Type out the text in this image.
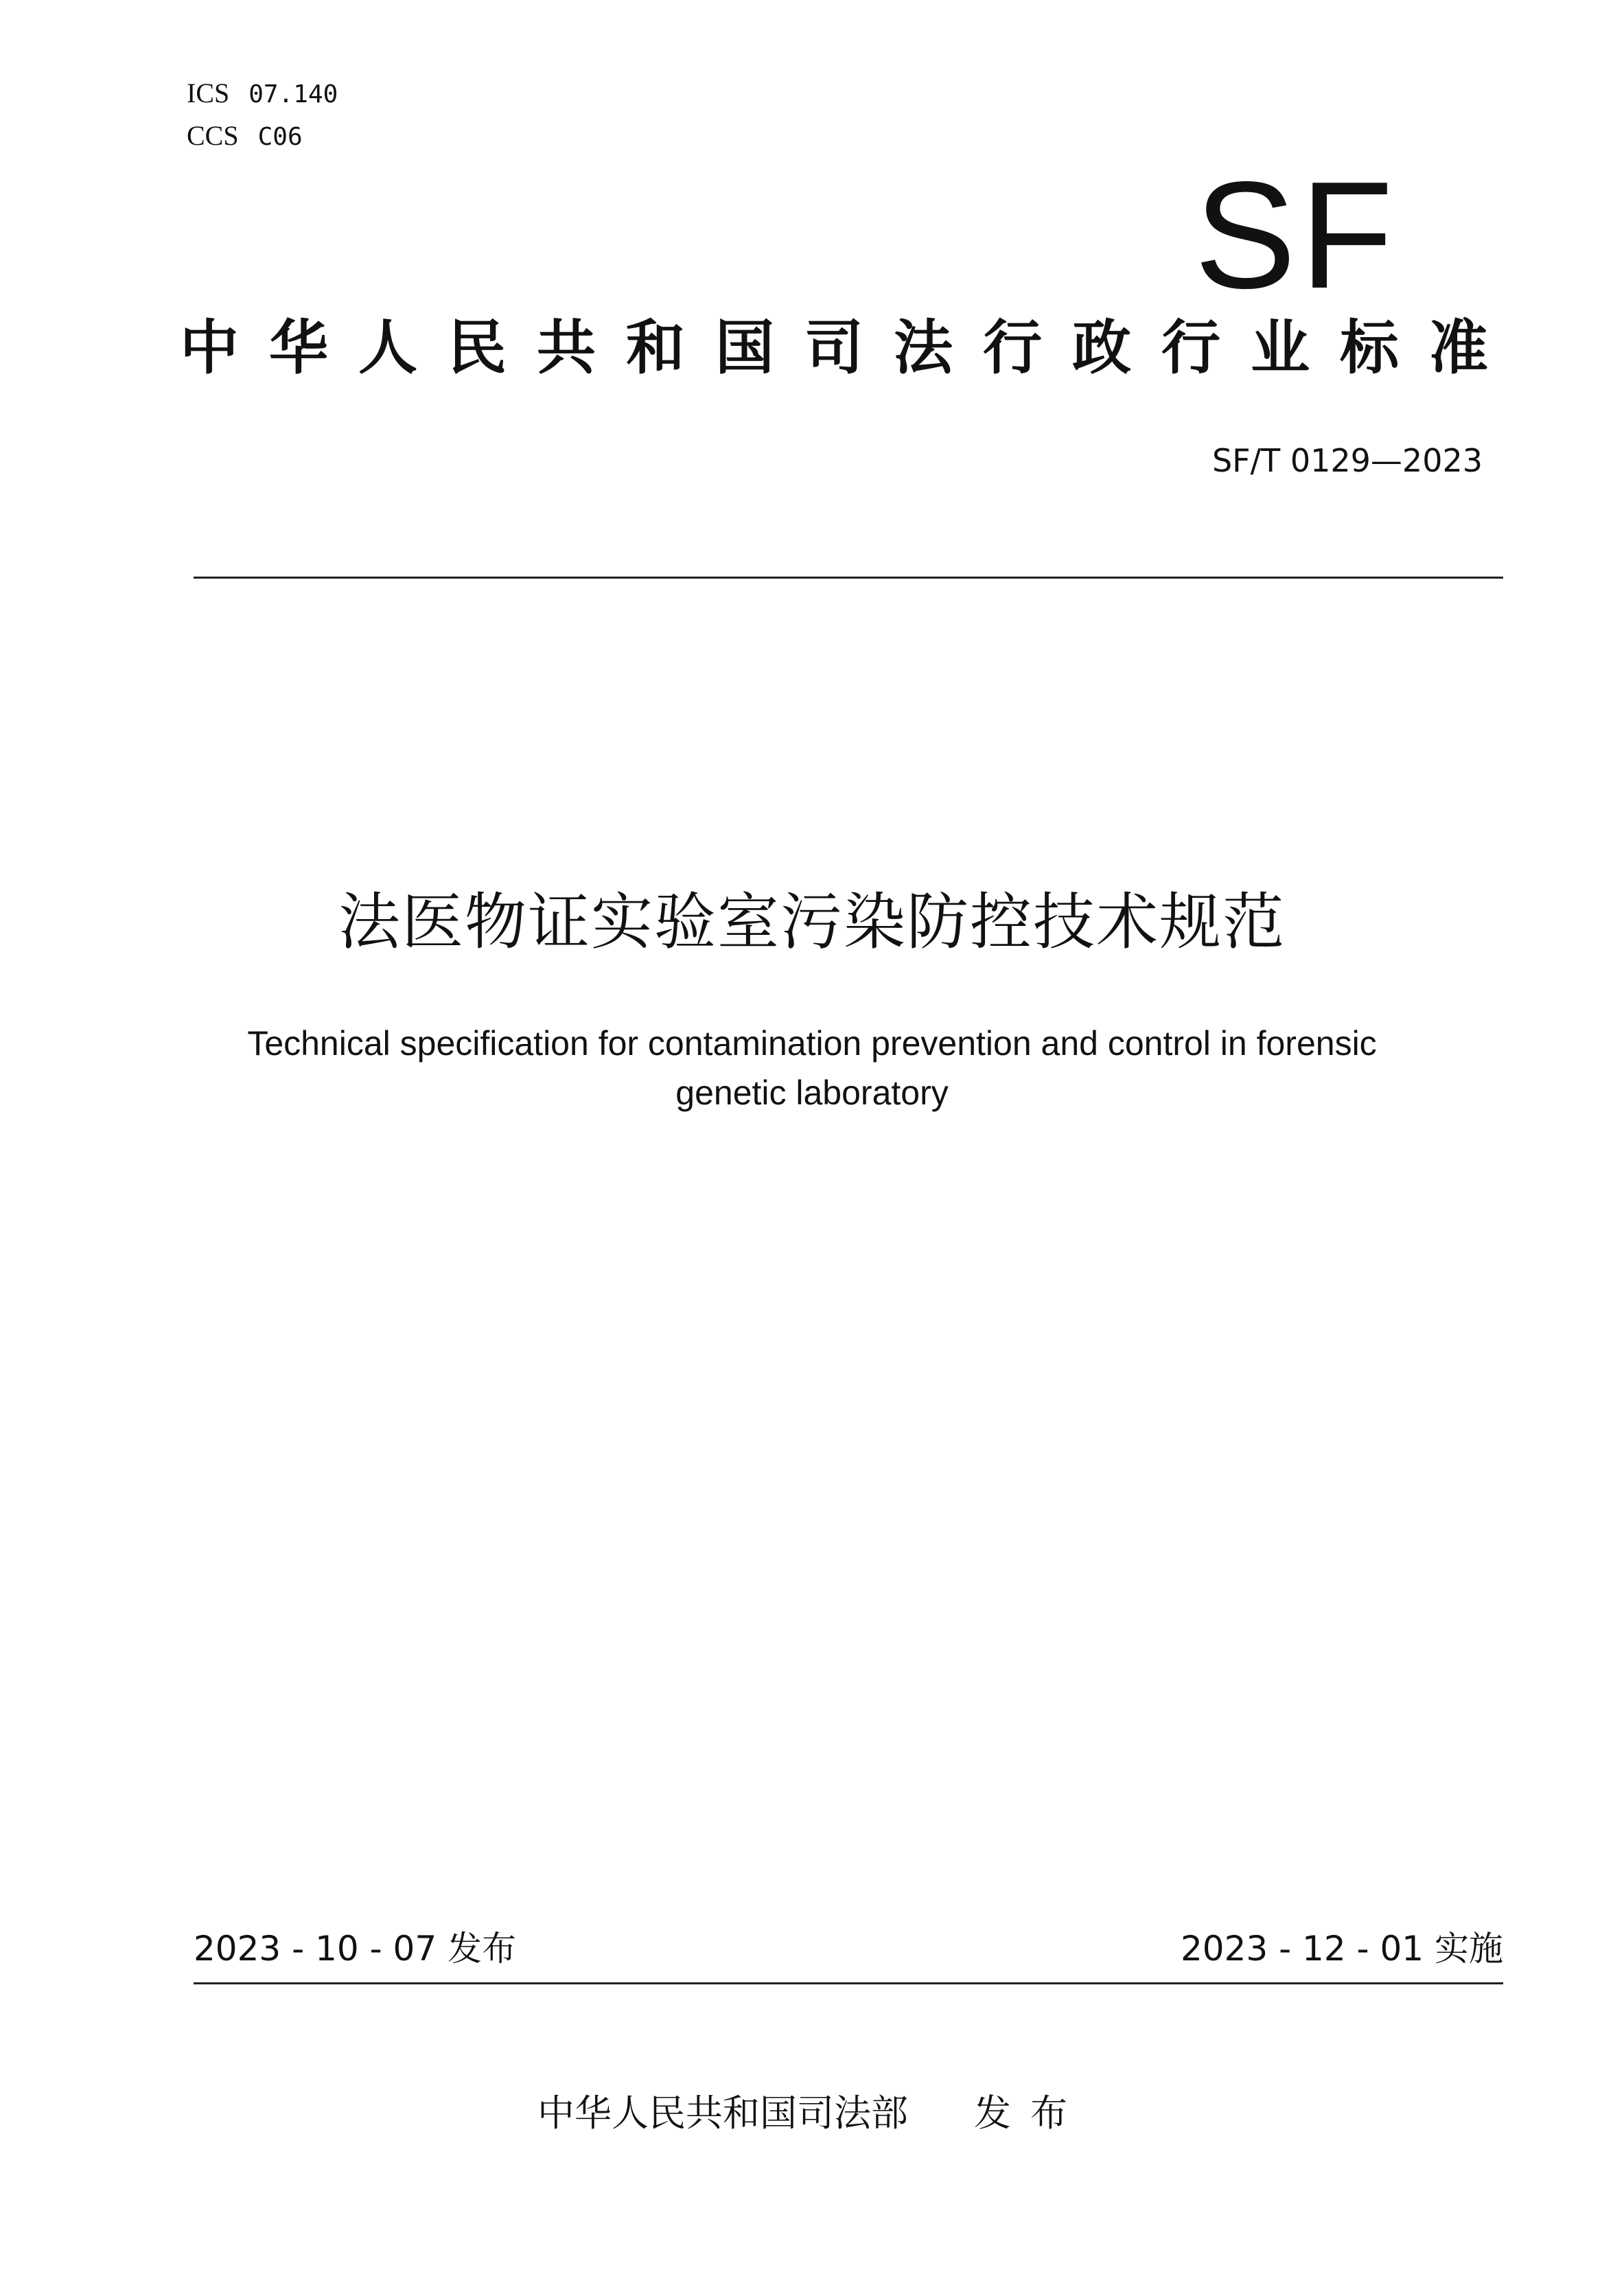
ICS 07.140
CCS C06
SF
中华人民共和国司法行政行业标准
SF/T 0129—2023
法医物证实验室污染防控技术规范
Technical specification for contamination prevention and control in forensic genetic laboratory
2023 - 10 - 07 发布	2023 - 12 - 01 实施
中华人民共和国司法部 发布
